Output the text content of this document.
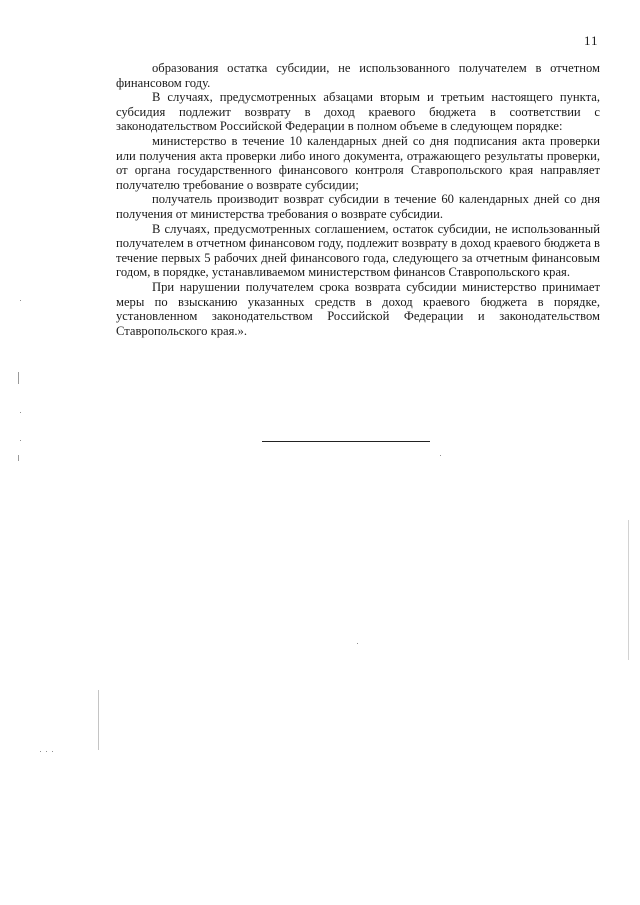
11

образования остатка субсидии, не использованного получателем в отчетном финансовом году.

В случаях, предусмотренных абзацами вторым и третьим настоящего пункта, субсидия подлежит возврату в доход краевого бюджета в соответствии с законодательством Российской Федерации в полном объеме в следующем порядке:

министерство в течение 10 календарных дней со дня подписания акта проверки или получения акта проверки либо иного документа, отражающего результаты проверки, от органа государственного финансового контроля Ставропольского края направляет получателю требование о возврате субсидии;

получатель производит возврат субсидии в течение 60 календарных дней со дня получения от министерства требования о возврате субсидии.

В случаях, предусмотренных соглашением, остаток субсидии, не использованный получателем в отчетном финансовом году, подлежит возврату в доход краевого бюджета в течение первых 5 рабочих дней финансового года, следующего за отчетным финансовым годом, в порядке, устанавливаемом министерством финансов Ставропольского края.

При нарушении получателем срока возврата субсидии министерство принимает меры по взысканию указанных средств в доход краевого бюджета в порядке, установленном законодательством Российской Федерации и законодательством Ставропольского края.».
